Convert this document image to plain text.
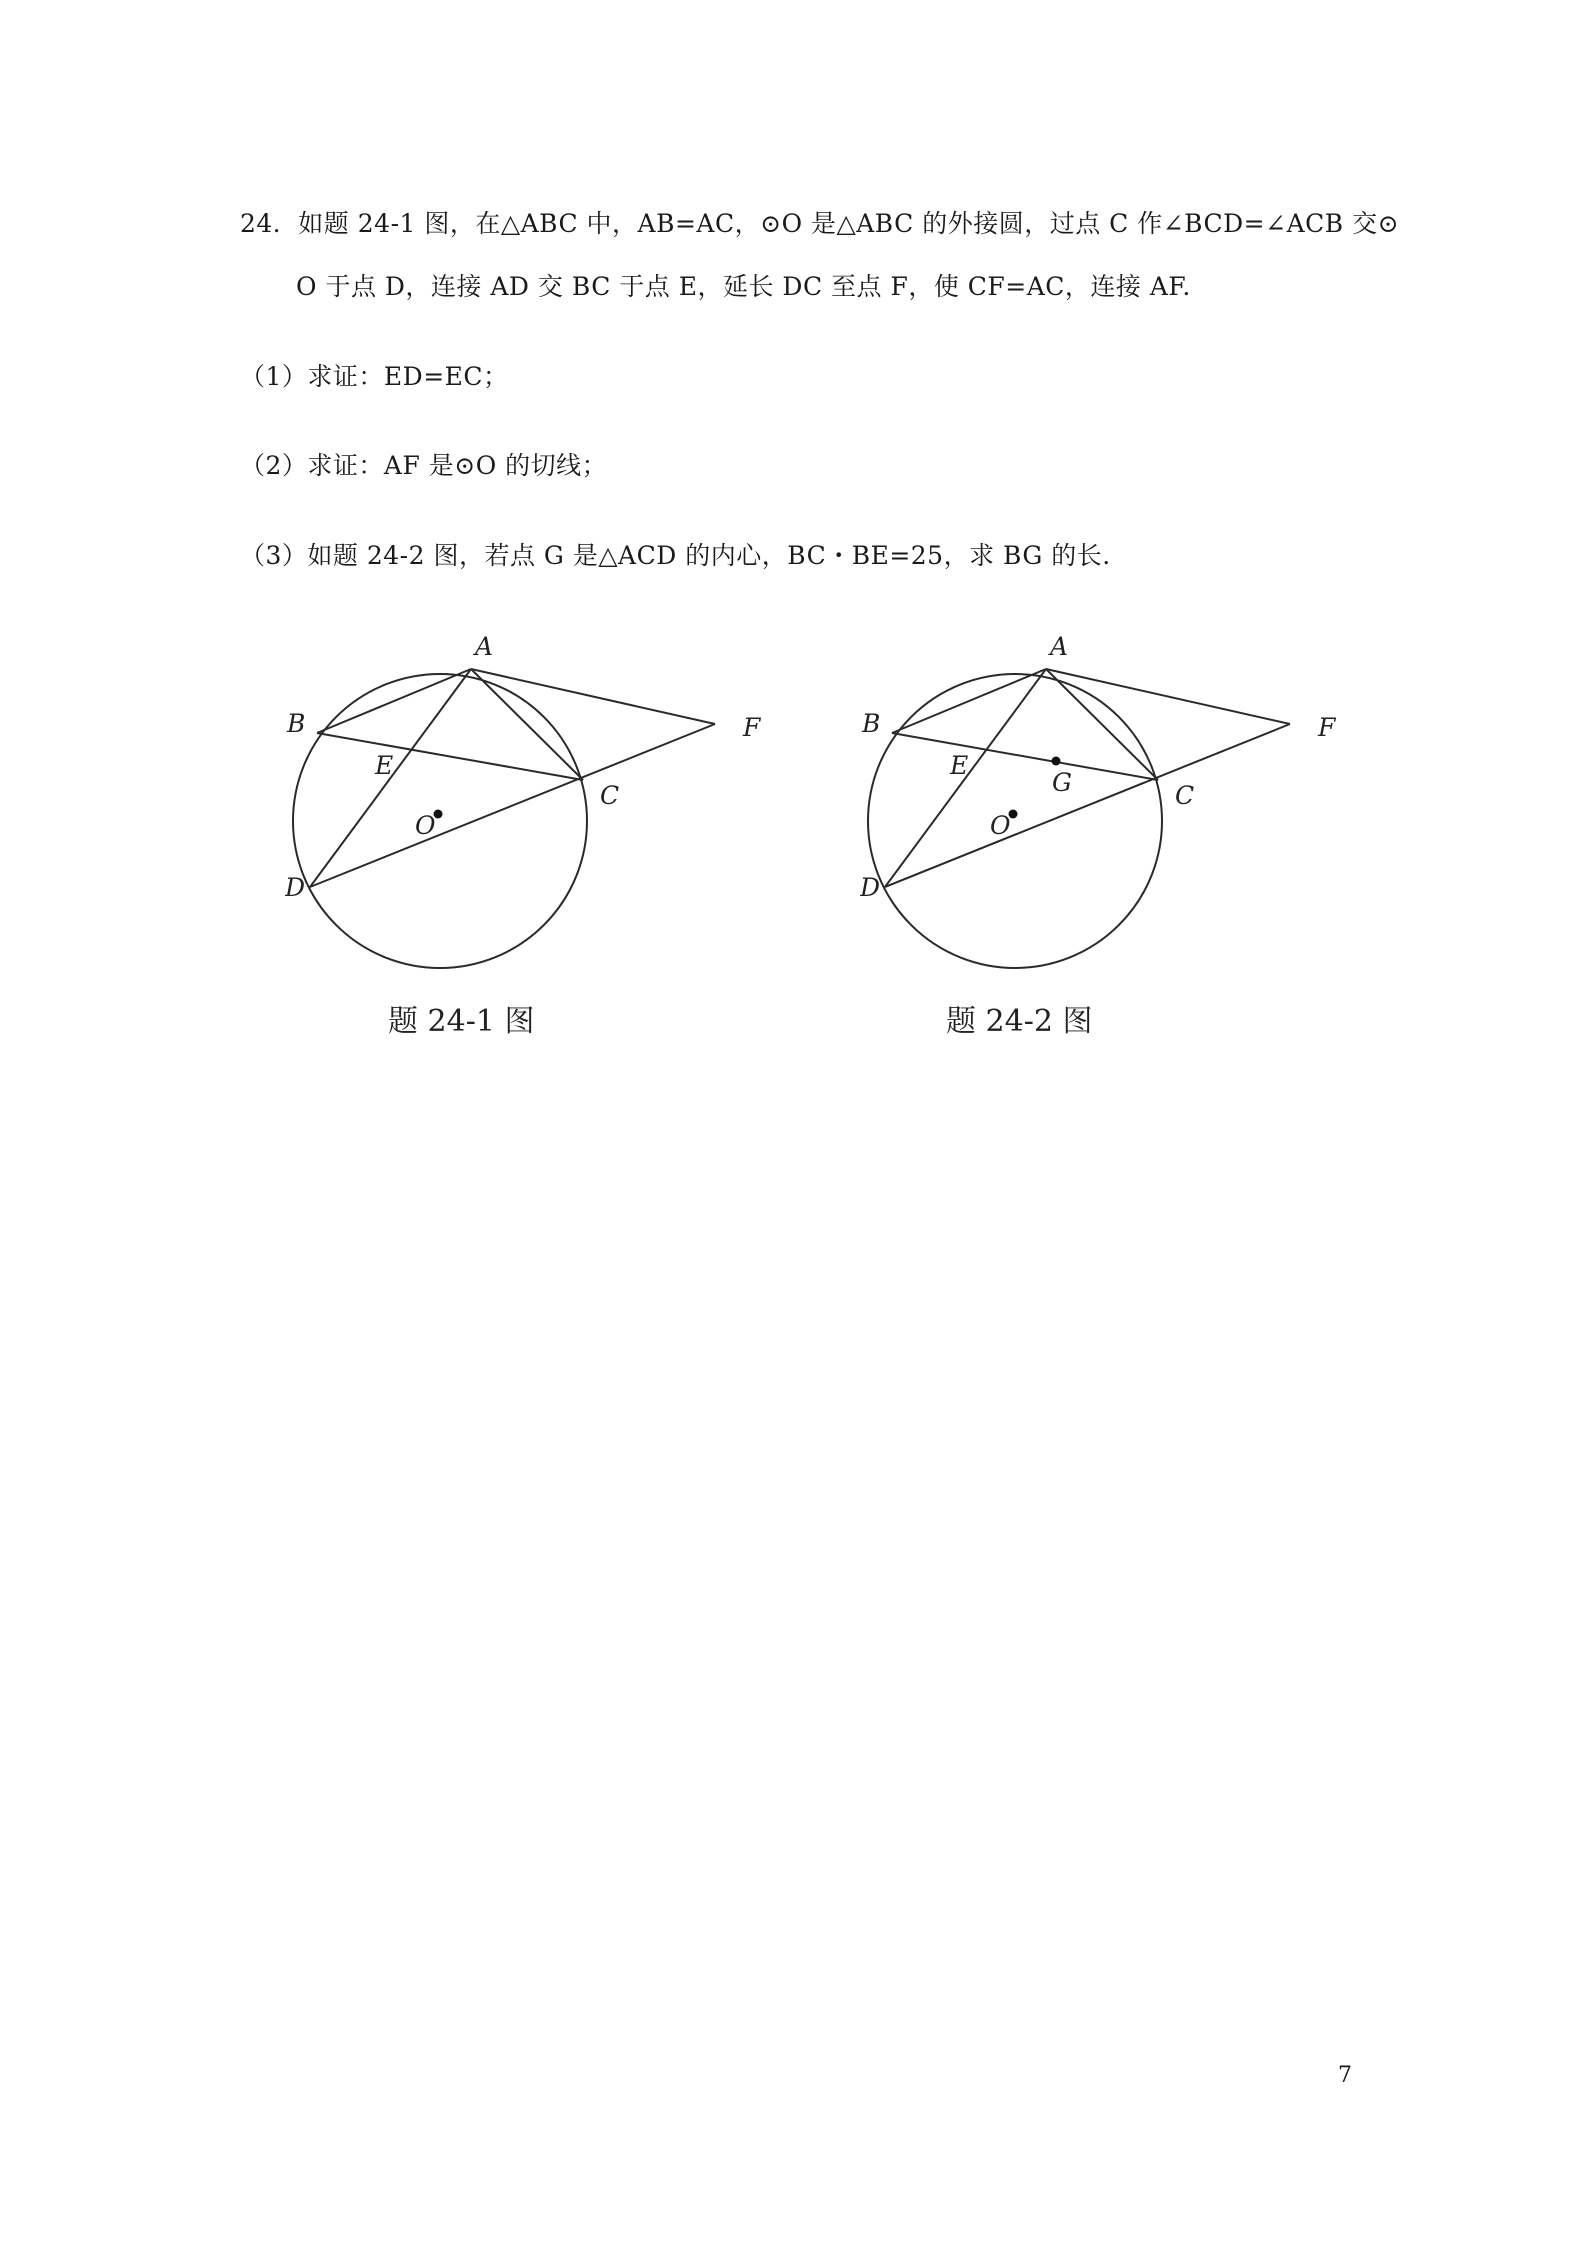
24．如题 24-1 图，在△ABC 中，AB=AC，⊙O 是△ABC 的外接圆，过点 C 作∠BCD=∠ACB 交⊙
O 于点 D，连接 AD 交 BC 于点 E，延长 DC 至点 F，使 CF=AC，连接 AF.
（1）求证：ED=EC；
（2）求证：AF 是⊙O 的切线；
（3）如题 24-2 图，若点 G 是△ACD 的内心，BC・BE=25，求 BG 的长.
A
B
E
C
O
F
D
题 24-1 图
A
B
E
G	C
O
F
D
题 24-2 图
7
